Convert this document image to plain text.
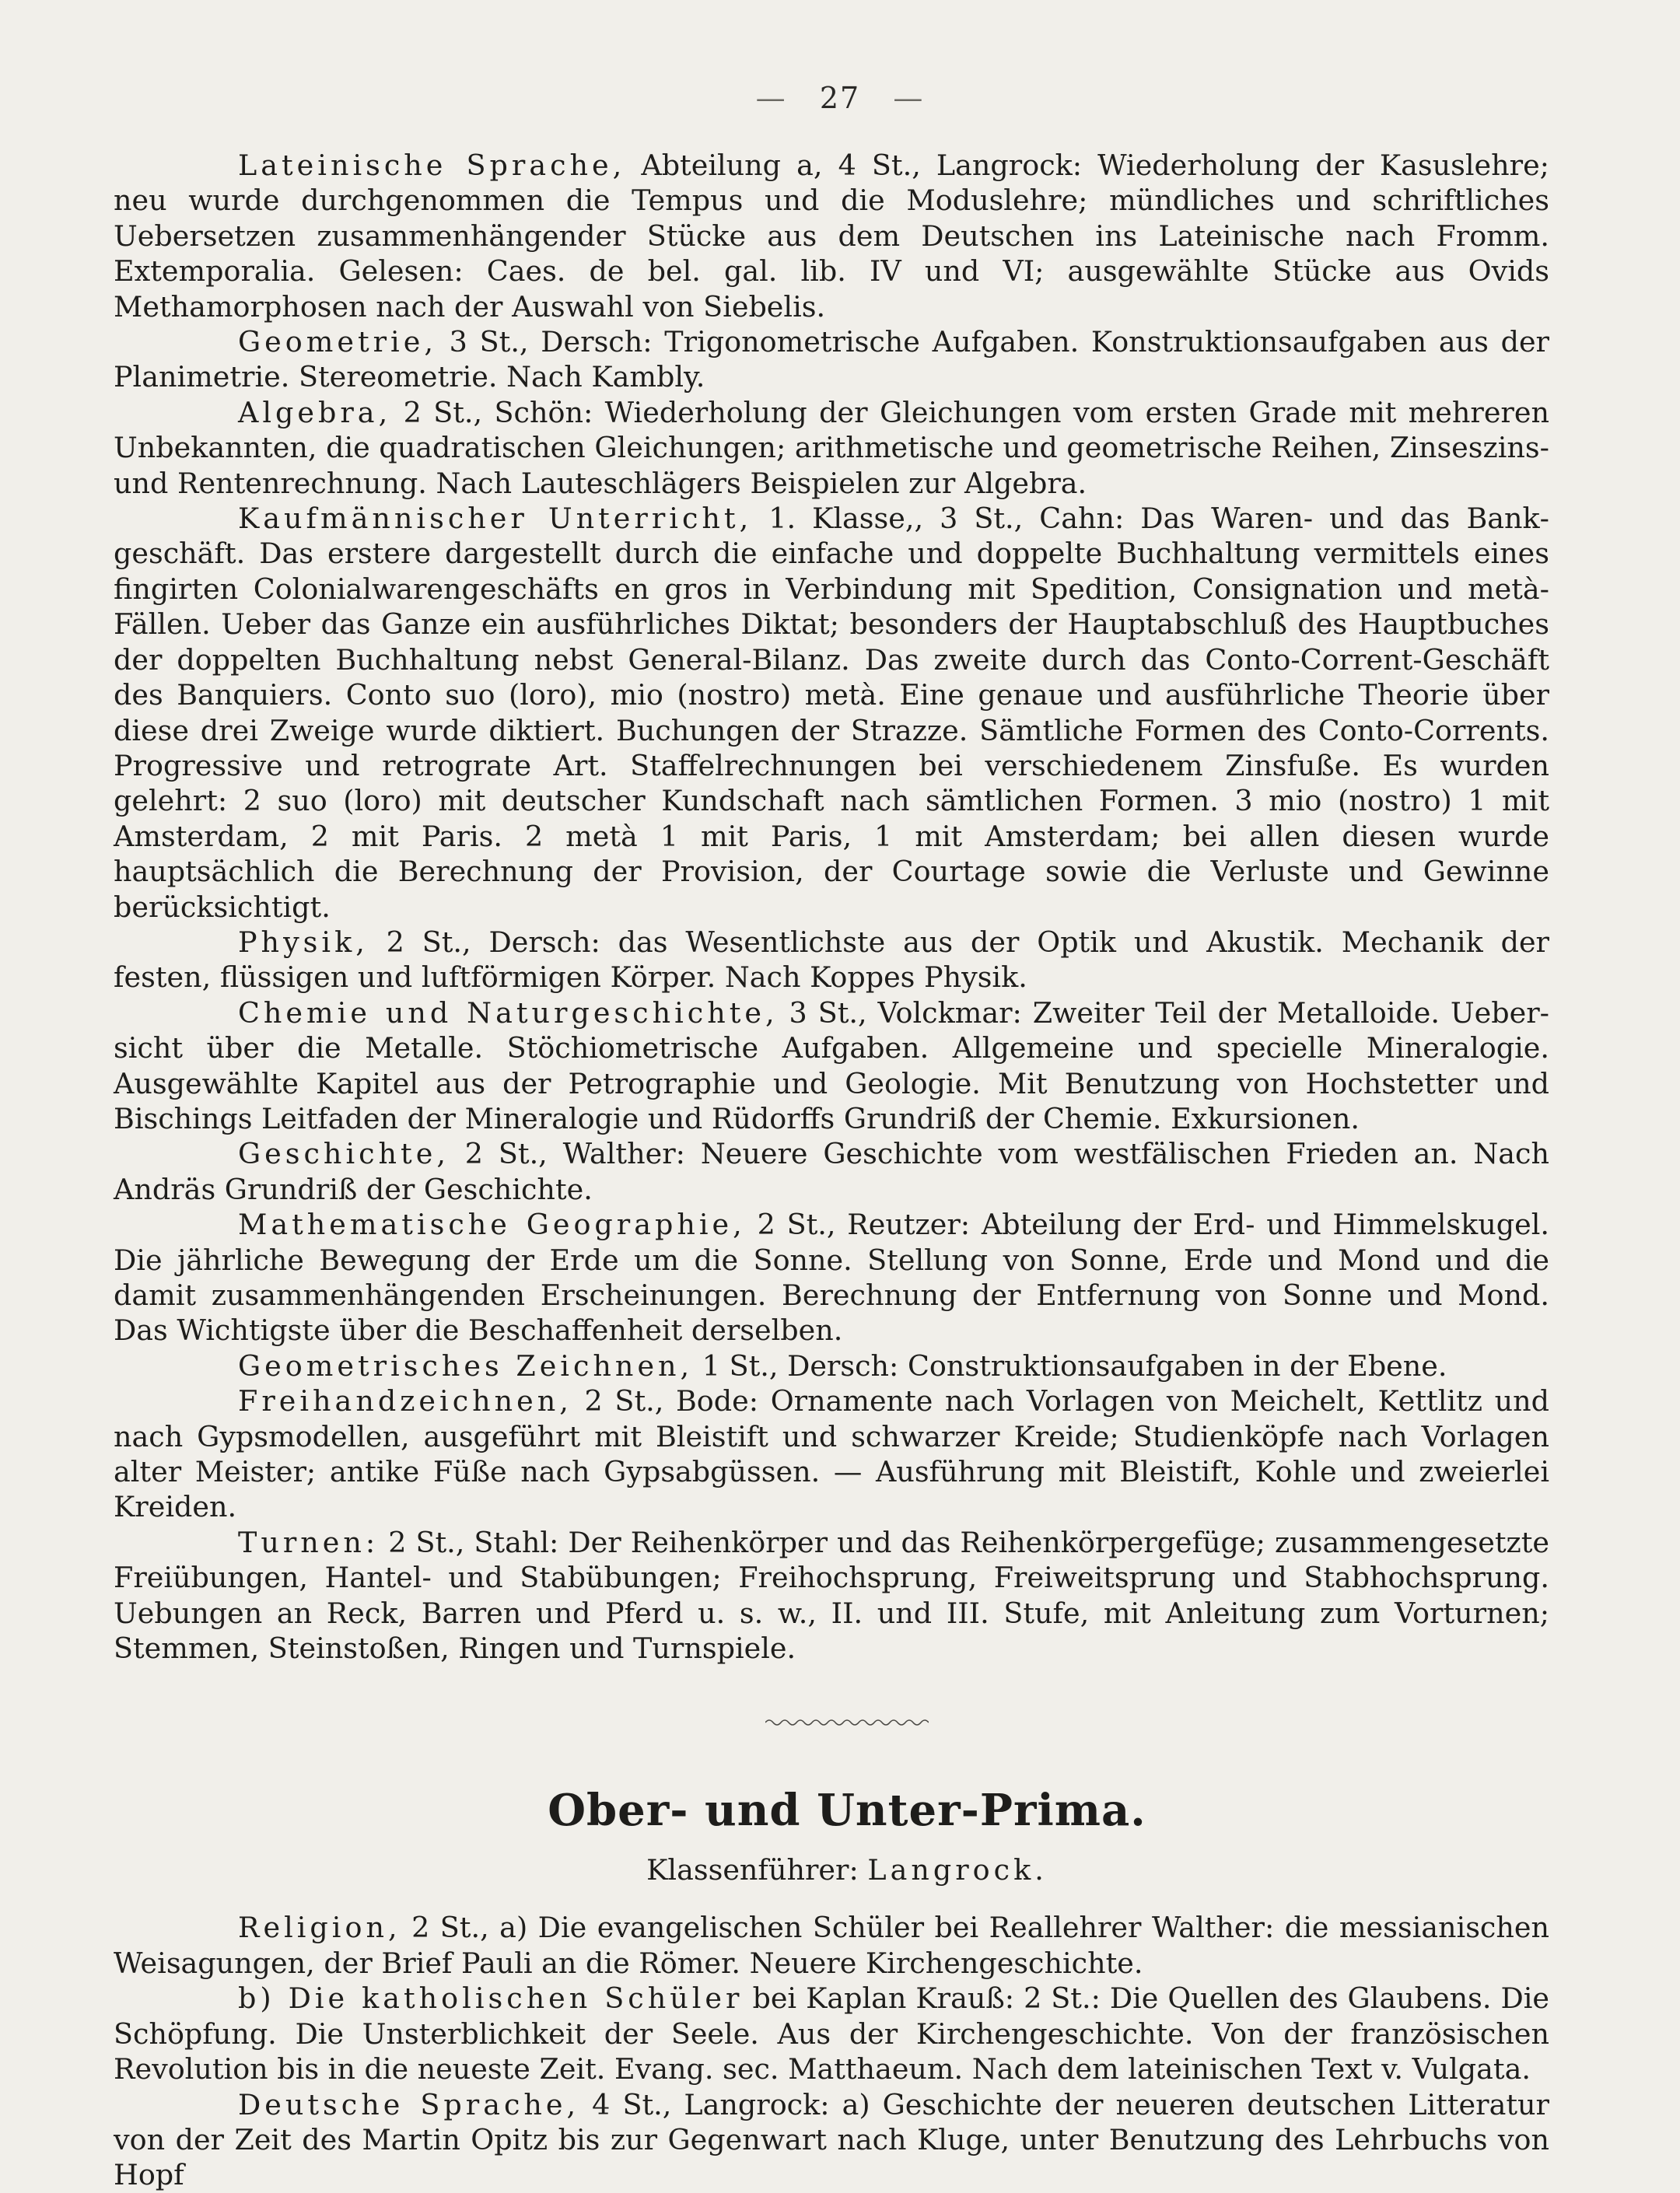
— 27 —

Lateinische Sprache, Abteilung a, 4 St., Langrock: Wiederholung der Kasuslehre; neu wurde durchgenommen die Tempus und die Moduslehre; mündliches und schriftliches Uebersetzen zusammenhängender Stücke aus dem Deutschen ins Lateinische nach Fromm. Extemporalia. Gelesen: Caes. de bel. gal. lib. IV und VI; ausgewählte Stücke aus Ovids Methamorphosen nach der Auswahl von Siebelis.

Geometrie, 3 St., Dersch: Trigonometrische Aufgaben. Konstruktionsaufgaben aus der Planimetrie. Stereometrie. Nach Kambly.

Algebra, 2 St., Schön: Wiederholung der Gleichungen vom ersten Grade mit mehreren Unbekannten, die quadratischen Gleichungen; arithmetische und geometrische Reihen, Zinseszins- und Rentenrechnung. Nach Lauteschlägers Beispielen zur Algebra.

Kaufmännischer Unterricht, 1. Klasse,, 3 St., Cahn: Das Waren- und das Bankgeschäft. Das erstere dargestellt durch die einfache und doppelte Buchhaltung vermittels eines fingirten Colonialwarengeschäfts en gros in Verbindung mit Spedition, Consignation und metà-Fällen. Ueber das Ganze ein ausführliches Diktat; besonders der Hauptabschluß des Hauptbuches der doppelten Buchhaltung nebst General-Bilanz. Das zweite durch das Conto-Corrent-Geschäft des Banquiers. Conto suo (loro), mio (nostro) metà. Eine genaue und ausführliche Theorie über diese drei Zweige wurde diktiert. Buchungen der Strazze. Sämtliche Formen des Conto-Corrents. Progressive und retrograte Art. Staffelrechnungen bei verschiedenem Zinsfuße. Es wurden gelehrt: 2 suo (loro) mit deutscher Kundschaft nach sämtlichen Formen. 3 mio (nostro) 1 mit Amsterdam, 2 mit Paris. 2 metà 1 mit Paris, 1 mit Amsterdam; bei allen diesen wurde hauptsächlich die Berechnung der Provision, der Courtage sowie die Verluste und Gewinne berücksichtigt.

Physik, 2 St., Dersch: das Wesentlichste aus der Optik und Akustik. Mechanik der festen, flüssigen und luftförmigen Körper. Nach Koppes Physik.

Chemie und Naturgeschichte, 3 St., Volckmar: Zweiter Teil der Metalloide. Uebersicht über die Metalle. Stöchiometrische Aufgaben. Allgemeine und specielle Mineralogie. Ausgewählte Kapitel aus der Petrographie und Geologie. Mit Benutzung von Hochstetter und Bischings Leitfaden der Mineralogie und Rüdorffs Grundriß der Chemie. Exkursionen.

Geschichte, 2 St., Walther: Neuere Geschichte vom westfälischen Frieden an. Nach Andräs Grundriß der Geschichte.

Mathematische Geographie, 2 St., Reutzer: Abteilung der Erd- und Himmelskugel. Die jährliche Bewegung der Erde um die Sonne. Stellung von Sonne, Erde und Mond und die damit zusammenhängenden Erscheinungen. Berechnung der Entfernung von Sonne und Mond. Das Wichtigste über die Beschaffenheit derselben.

Geometrisches Zeichnen, 1 St., Dersch: Construktionsaufgaben in der Ebene.

Freihandzeichnen, 2 St., Bode: Ornamente nach Vorlagen von Meichelt, Kettlitz und nach Gypsmodellen, ausgeführt mit Bleistift und schwarzer Kreide; Studienköpfe nach Vorlagen alter Meister; antike Füße nach Gypsabgüssen. — Ausführung mit Bleistift, Kohle und zweierlei Kreiden.

Turnen: 2 St., Stahl: Der Reihenkörper und das Reihenkörpergefüge; zusammengesetzte Freiübungen, Hantel- und Stabübungen; Freihochsprung, Freiweitsprung und Stabhochsprung. Uebungen an Reck, Barren und Pferd u. s. w., II. und III. Stufe, mit Anleitung zum Vorturnen; Stemmen, Steinstoßen, Ringen und Turnspiele.

Ober- und Unter-Prima.
Klassenführer: Langrock.

Religion, 2 St., a) Die evangelischen Schüler bei Reallehrer Walther: die messianischen Weisagungen, der Brief Pauli an die Römer. Neuere Kirchengeschichte.

b) Die katholischen Schüler bei Kaplan Krauß: 2 St.: Die Quellen des Glaubens. Die Schöpfung. Die Unsterblichkeit der Seele. Aus der Kirchengeschichte. Von der französischen Revolution bis in die neueste Zeit. Evang. sec. Matthaeum. Nach dem lateinischen Text v. Vulgata.

Deutsche Sprache, 4 St., Langrock: a) Geschichte der neueren deutschen Litteratur von der Zeit des Martin Opitz bis zur Gegenwart nach Kluge, unter Benutzung des Lehrbuchs von Hopf
